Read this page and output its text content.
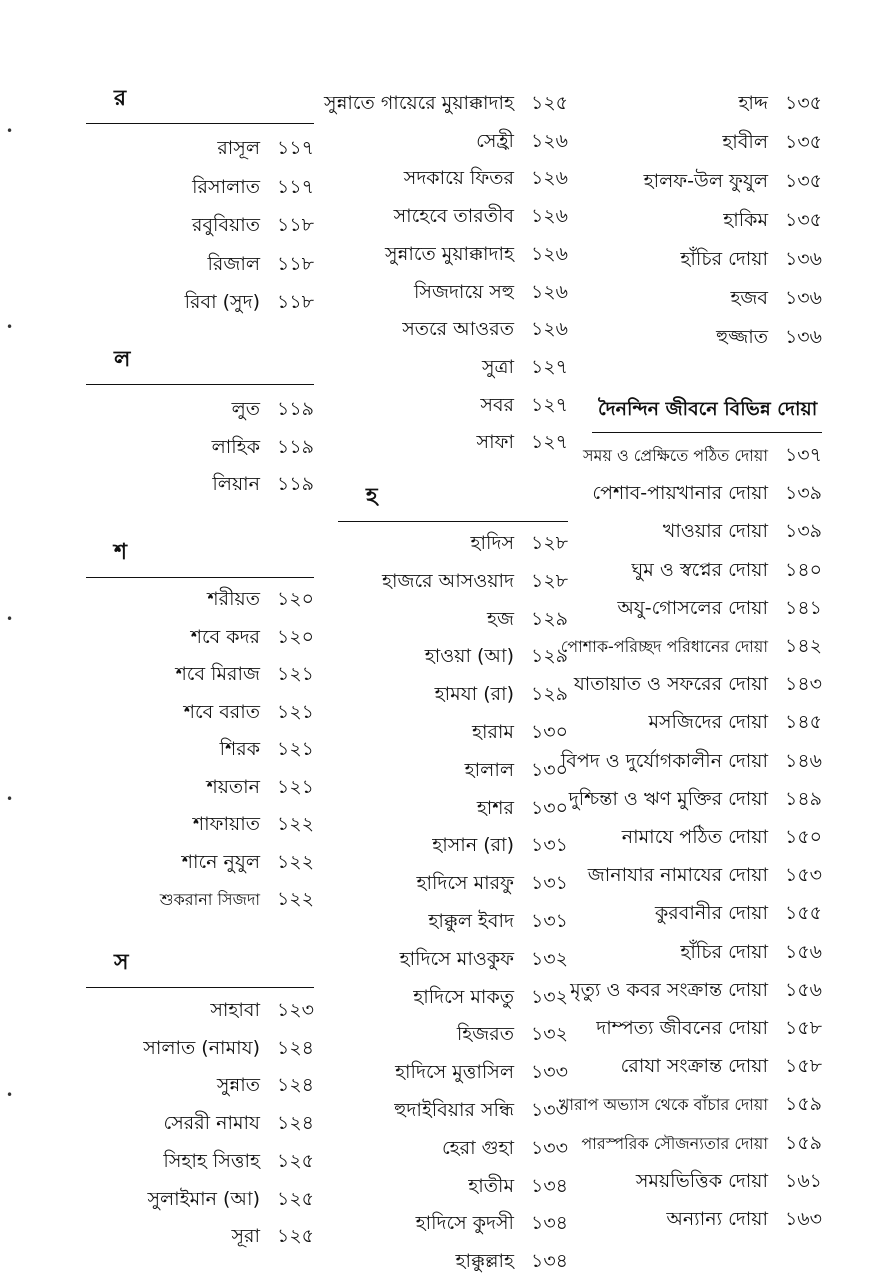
র
রাসূল ১১৭
রিসালাত ১১৭
রবুবিয়াত ১১৮
রিজাল ১১৮
রিবা (সুদ) ১১৮
ল
লুত ১১৯
লাহিক ১১৯
লিয়ান ১১৯
শ
শরীয়ত ১২০
শবে কদর ১২০
শবে মিরাজ ১২১
শবে বরাত ১২১
শিরক ১২১
শয়তান ১২১
শাফায়াত ১২২
শানে নুযুল ১২২
শুকরানা সিজদা ১২২
স
সাহাবা ১২৩
সালাত (নামায) ১২৪
সুন্নাত ১২৪
সেররী নামায ১২৪
সিহাহ সিত্তাহ ১২৫
সুলাইমান (আ) ১২৫
সূরা ১২৫
সুন্নাতে গায়েরে মুয়াক্কাদাহ ১২৫
সেহ্রী ১২৬
সদকায়ে ফিতর ১২৬
সাহেবে তারতীব ১২৬
সুন্নাতে মুয়াক্কাদাহ ১২৬
সিজদায়ে সহু ১২৬
সতরে আওরত ১২৬
সুত্রা ১২৭
সবর ১২৭
সাফা ১২৭
হ
হাদিস ১২৮
হাজরে আসওয়াদ ১২৮
হজ ১২৯
হাওয়া (আ) ১২৯
হামযা (রা) ১২৯
হারাম ১৩০
হালাল ১৩০
হাশর ১৩০
হাসান (রা) ১৩১
হাদিসে মারফু ১৩১
হাক্কুল ইবাদ ১৩১
হাদিসে মাওকুফ ১৩২
হাদিসে মাকতু ১৩২
হিজরত ১৩২
হাদিসে মুত্তাসিল ১৩৩
হুদাইবিয়ার সন্ধি ১৩৩
হেরা গুহা ১৩৩
হাতীম ১৩৪
হাদিসে কুদসী ১৩৪
হাক্কুল্লাহ ১৩৪
হাদ্দ ১৩৫
হাবীল ১৩৫
হালফ-উল ফুযুল ১৩৫
হাকিম ১৩৫
হাঁচির দোয়া ১৩৬
হজব ১৩৬
হুজ্জাত ১৩৬
দৈনন্দিন জীবনে বিভিন্ন দোয়া
সময় ও প্রেক্ষিতে পঠিত দোয়া ১৩৭
পেশাব-পায়খানার দোয়া ১৩৯
খাওয়ার দোয়া ১৩৯
ঘুম ও স্বপ্নের দোয়া ১৪০
অযু-গোসলের দোয়া ১৪১
পোশাক-পরিচ্ছদ পরিধানের দোয়া ১৪২
যাতায়াত ও সফরের দোয়া ১৪৩
মসজিদের দোয়া ১৪৫
বিপদ ও দুর্যোগকালীন দোয়া ১৪৬
দুশ্চিন্তা ও ঋণ মুক্তির দোয়া ১৪৯
নামাযে পঠিত দোয়া ১৫০
জানাযার নামাযের দোয়া ১৫৩
কুরবানীর দোয়া ১৫৫
হাঁচির দোয়া ১৫৬
মৃত্যু ও কবর সংক্রান্ত দোয়া ১৫৬
দাম্পত্য জীবনের দোয়া ১৫৮
রোযা সংক্রান্ত দোয়া ১৫৮
খারাপ অভ্যাস থেকে বাঁচার দোয়া ১৫৯
পারস্পরিক সৌজন্যতার দোয়া ১৫৯
সময়ভিত্তিক দোয়া ১৬১
অন্যান্য দোয়া ১৬৩
•
•
•
•
•
